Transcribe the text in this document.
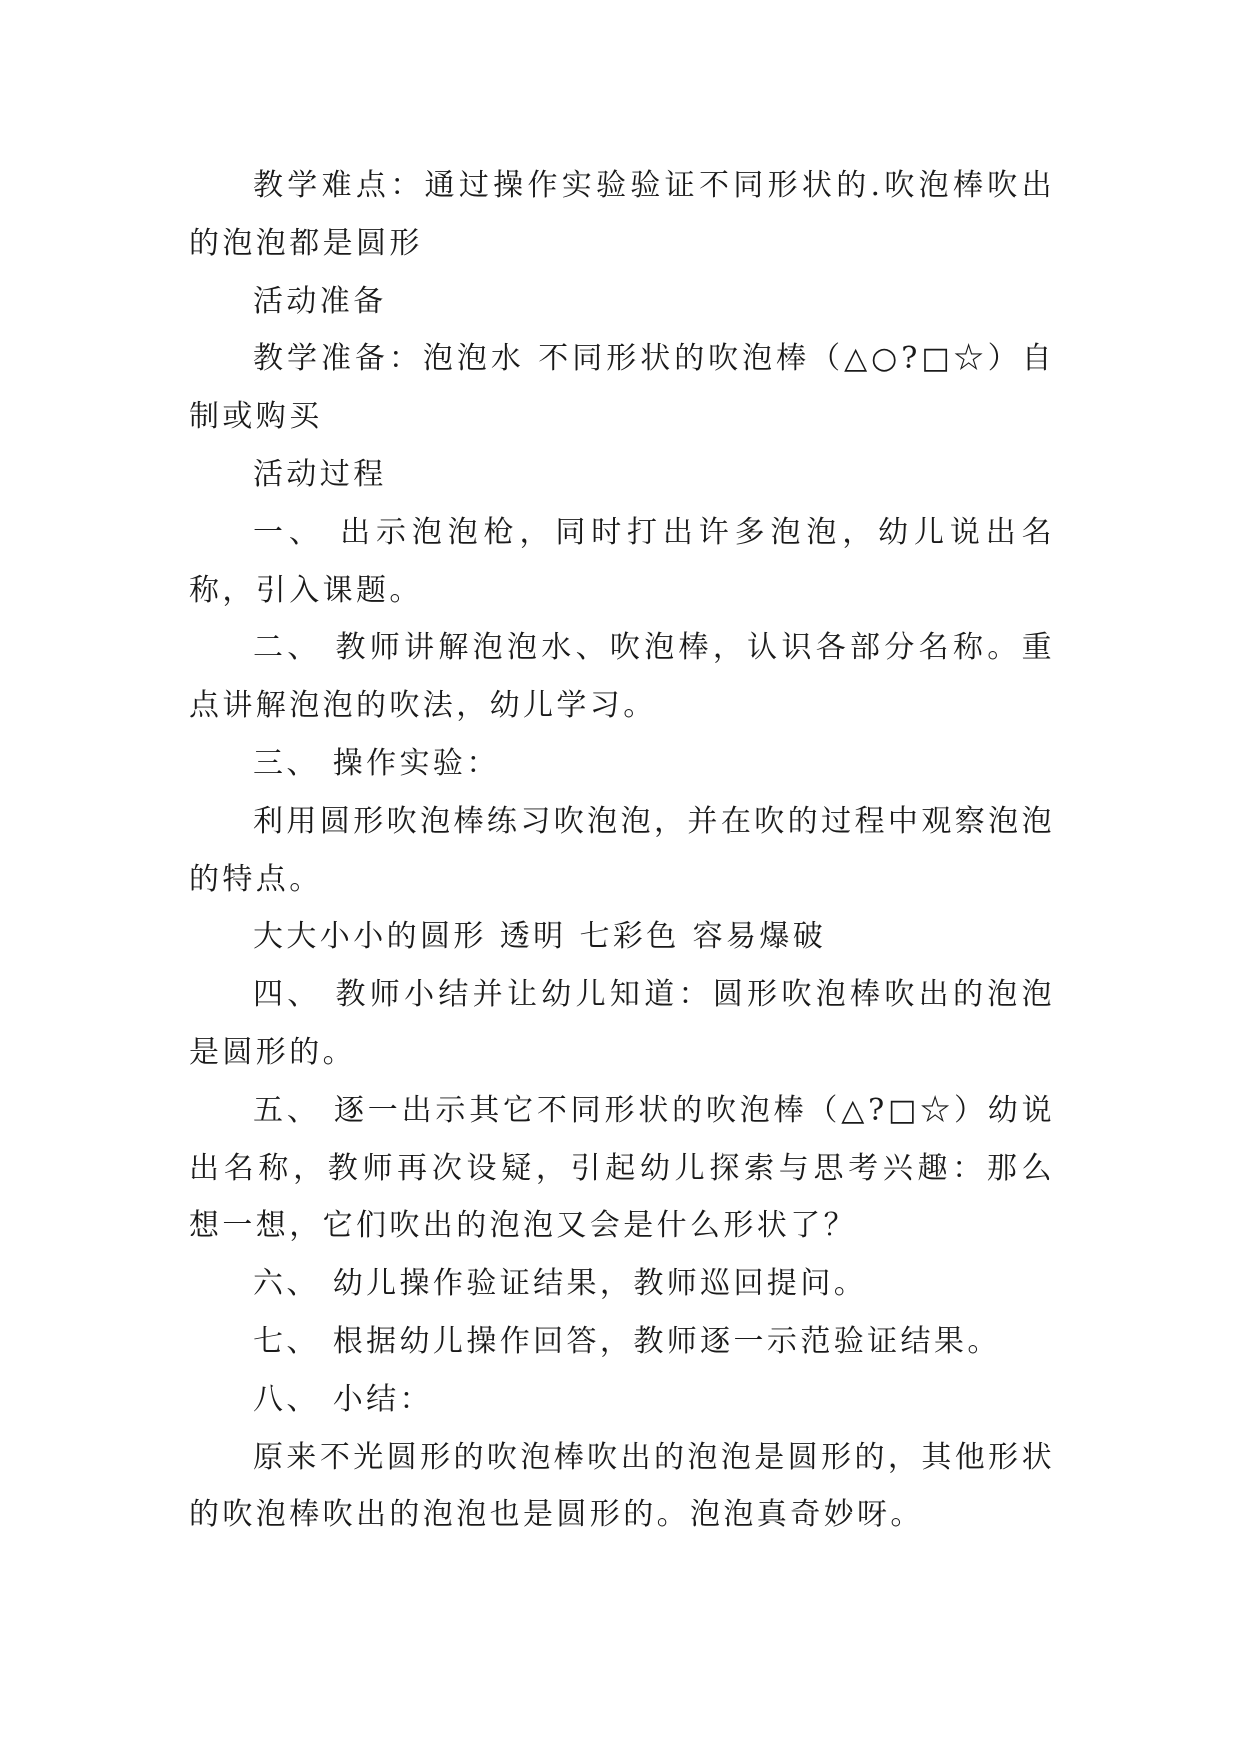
教学难点：通过操作实验验证不同形状的.吹泡棒吹出的泡泡都是圆形

活动准备

教学准备：泡泡水 不同形状的吹泡棒（△○?□☆）自制或购买

活动过程

一、 出示泡泡枪，同时打出许多泡泡，幼儿说出名称，引入课题。

二、 教师讲解泡泡水、吹泡棒，认识各部分名称。重点讲解泡泡的吹法，幼儿学习。

三、 操作实验：

利用圆形吹泡棒练习吹泡泡，并在吹的过程中观察泡泡的特点。

大大小小的圆形 透明 七彩色 容易爆破

四、 教师小结并让幼儿知道：圆形吹泡棒吹出的泡泡是圆形的。

五、 逐一出示其它不同形状的吹泡棒（△?□☆）幼说出名称，教师再次设疑，引起幼儿探索与思考兴趣：那么想一想，它们吹出的泡泡又会是什么形状了？

六、 幼儿操作验证结果，教师巡回提问。

七、 根据幼儿操作回答，教师逐一示范验证结果。

八、 小结：

原来不光圆形的吹泡棒吹出的泡泡是圆形的，其他形状的吹泡棒吹出的泡泡也是圆形的。泡泡真奇妙呀。
